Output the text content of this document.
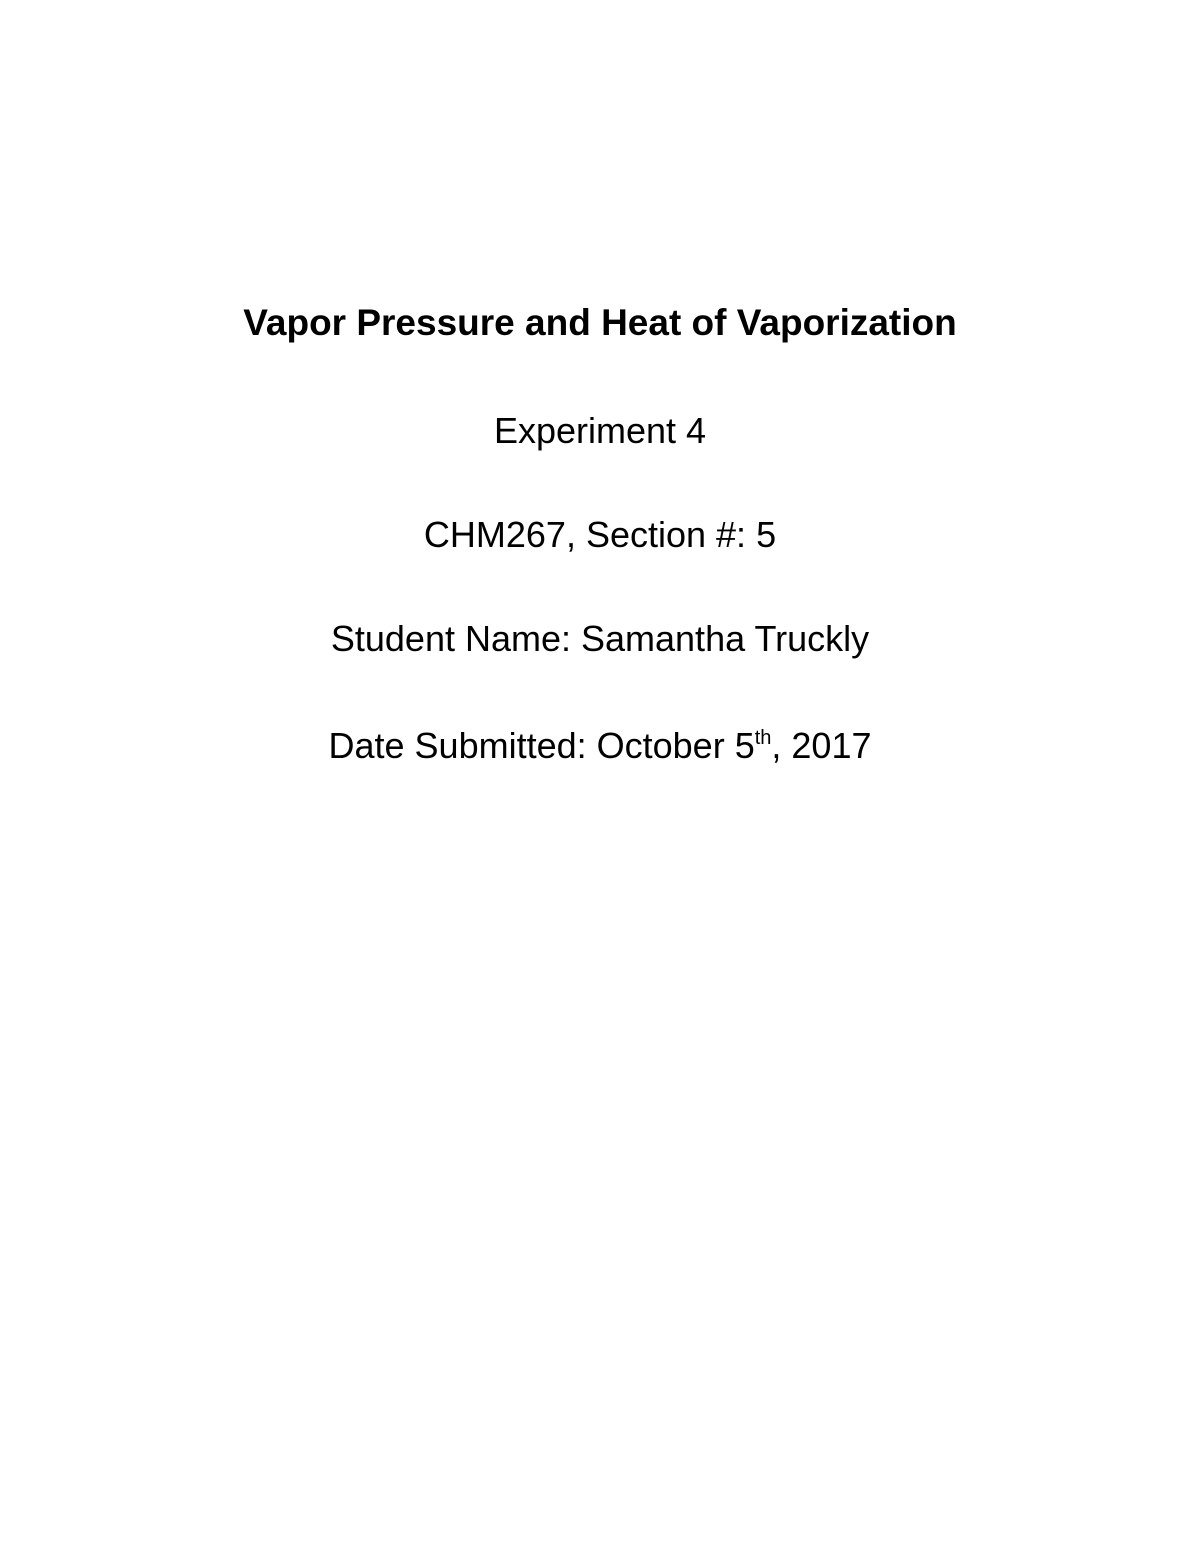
Vapor Pressure and Heat of Vaporization
Experiment 4
CHM267, Section #: 5
Student Name: Samantha Truckly
Date Submitted: October 5th, 2017
